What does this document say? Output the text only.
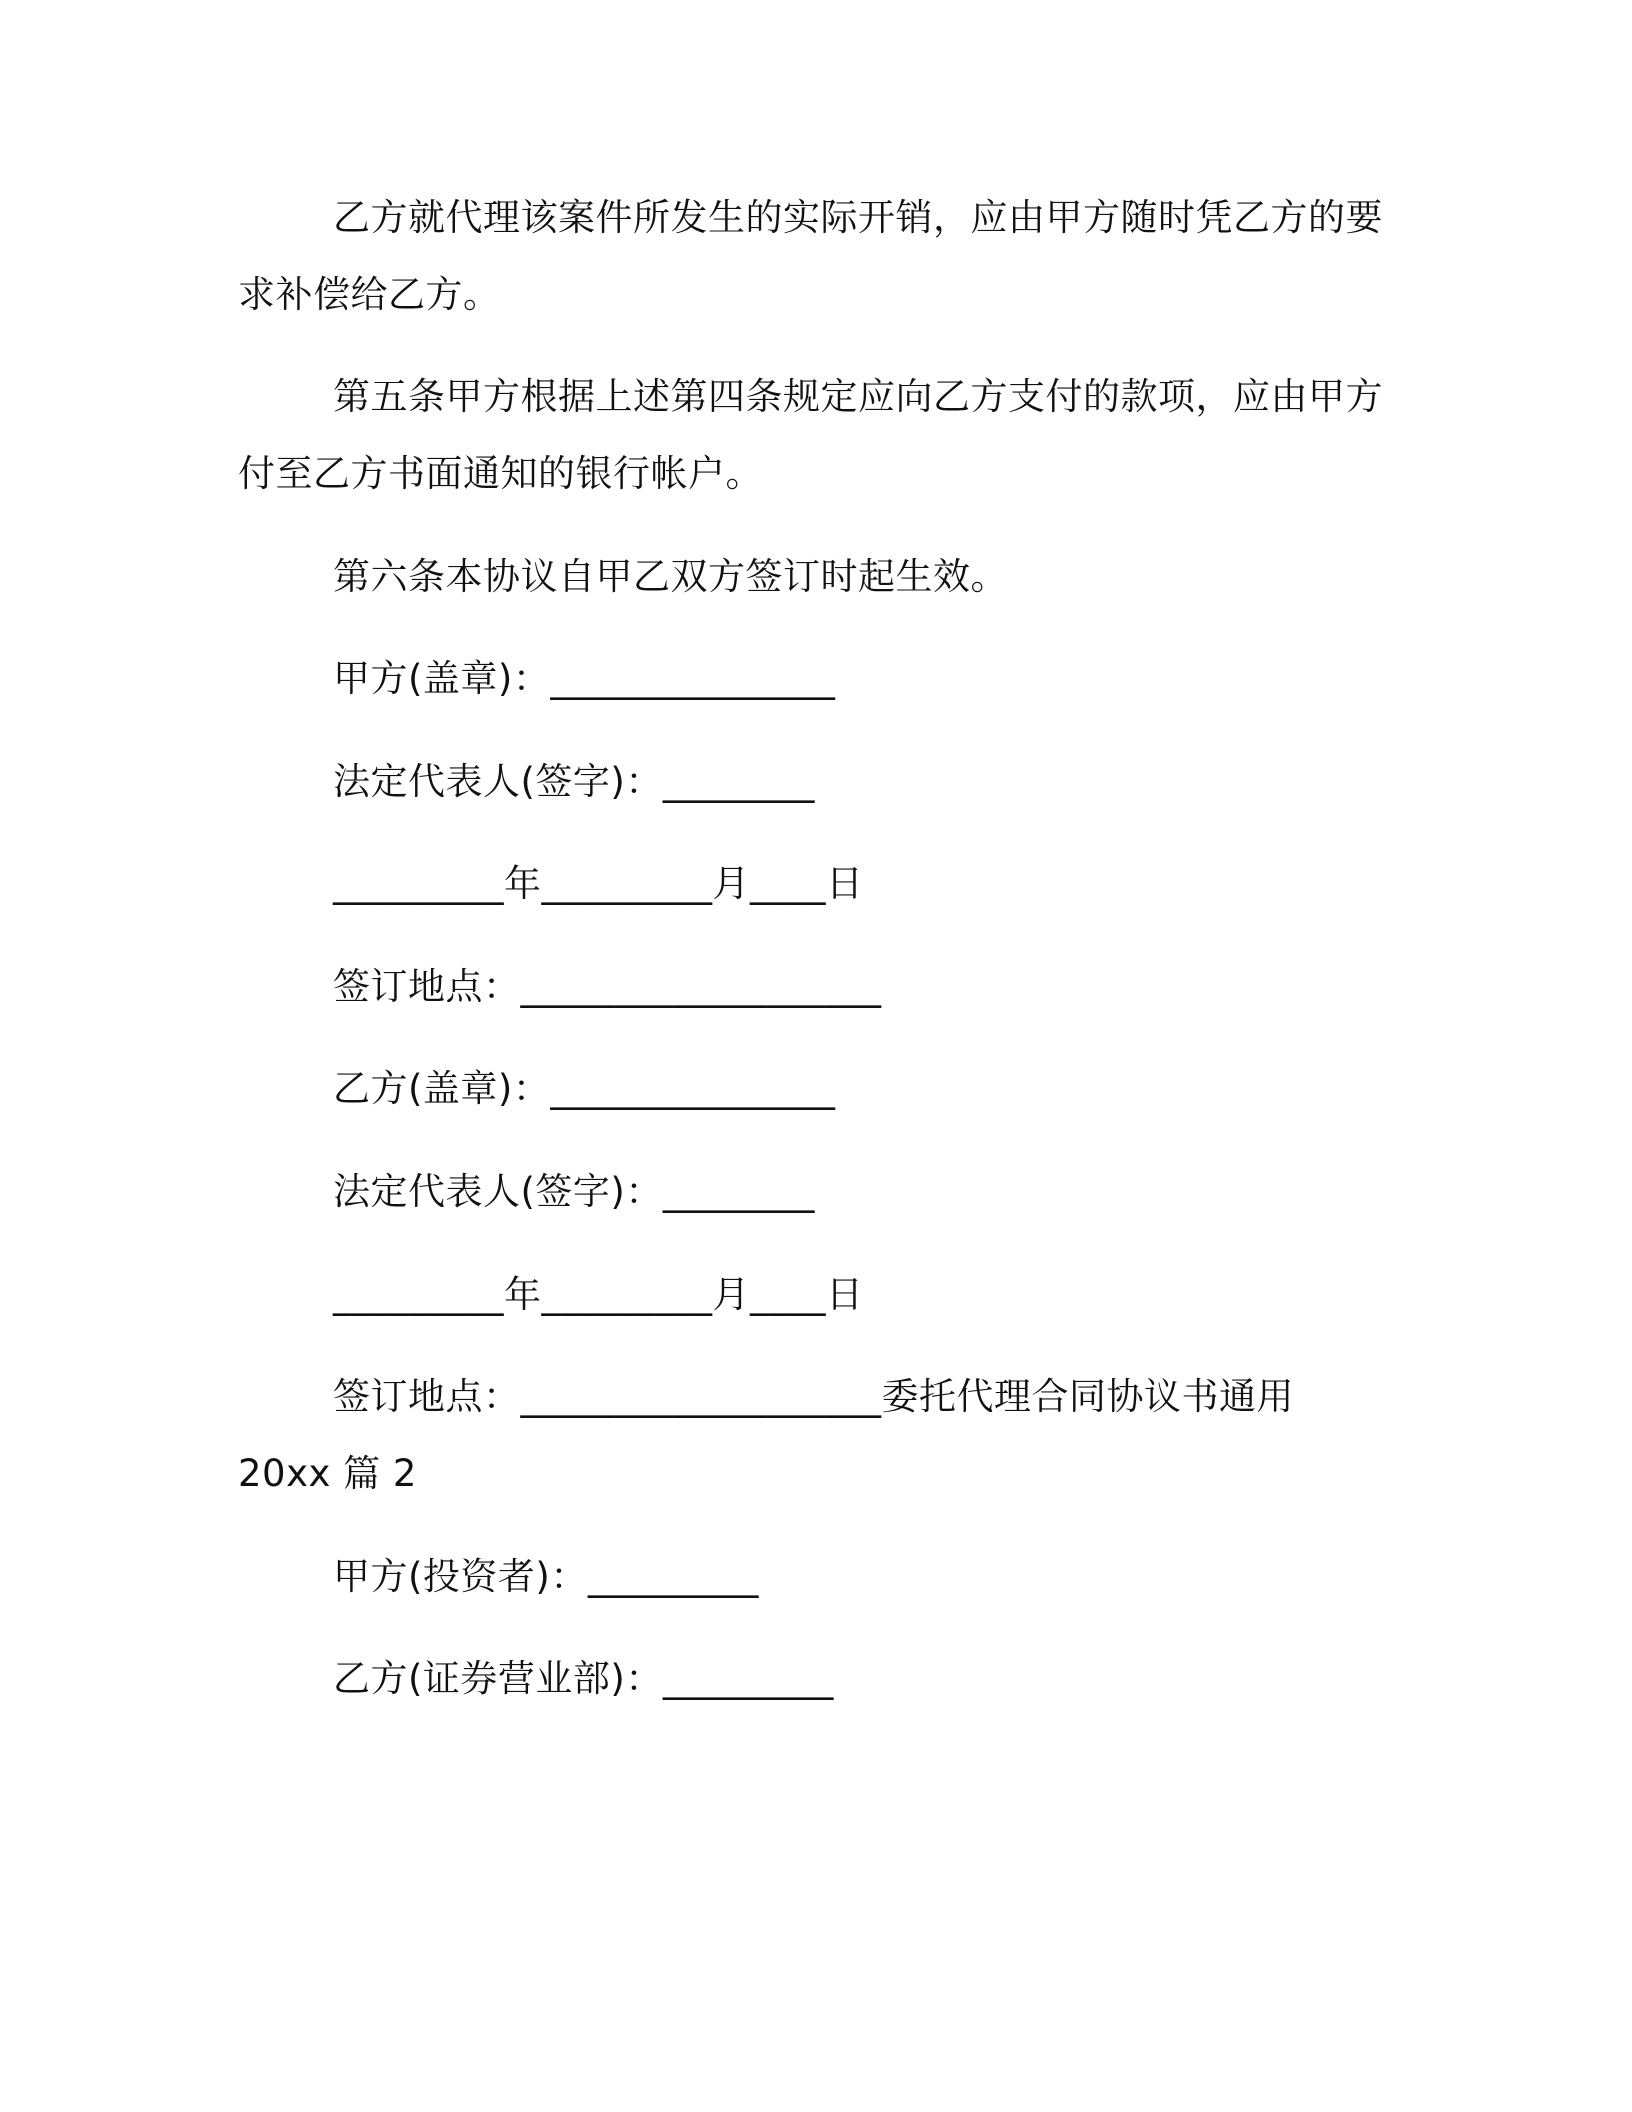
乙方就代理该案件所发生的实际开销，应由甲方随时凭乙方的要
求补偿给乙方。
第五条甲方根据上述第四条规定应向乙方支付的款项，应由甲方
付至乙方书面通知的银行帐户。
第六条本协议自甲乙双方签订时起生效。
甲方(盖章)：_______________
法定代表人(签字)：________
_________年_________月____日
签订地点：___________________
乙方(盖章)：_______________
法定代表人(签字)：________
_________年_________月____日
签订地点：___________________委托代理合同协议书通用
20xx 篇 2
甲方(投资者)：_________
乙方(证券营业部)：_________
